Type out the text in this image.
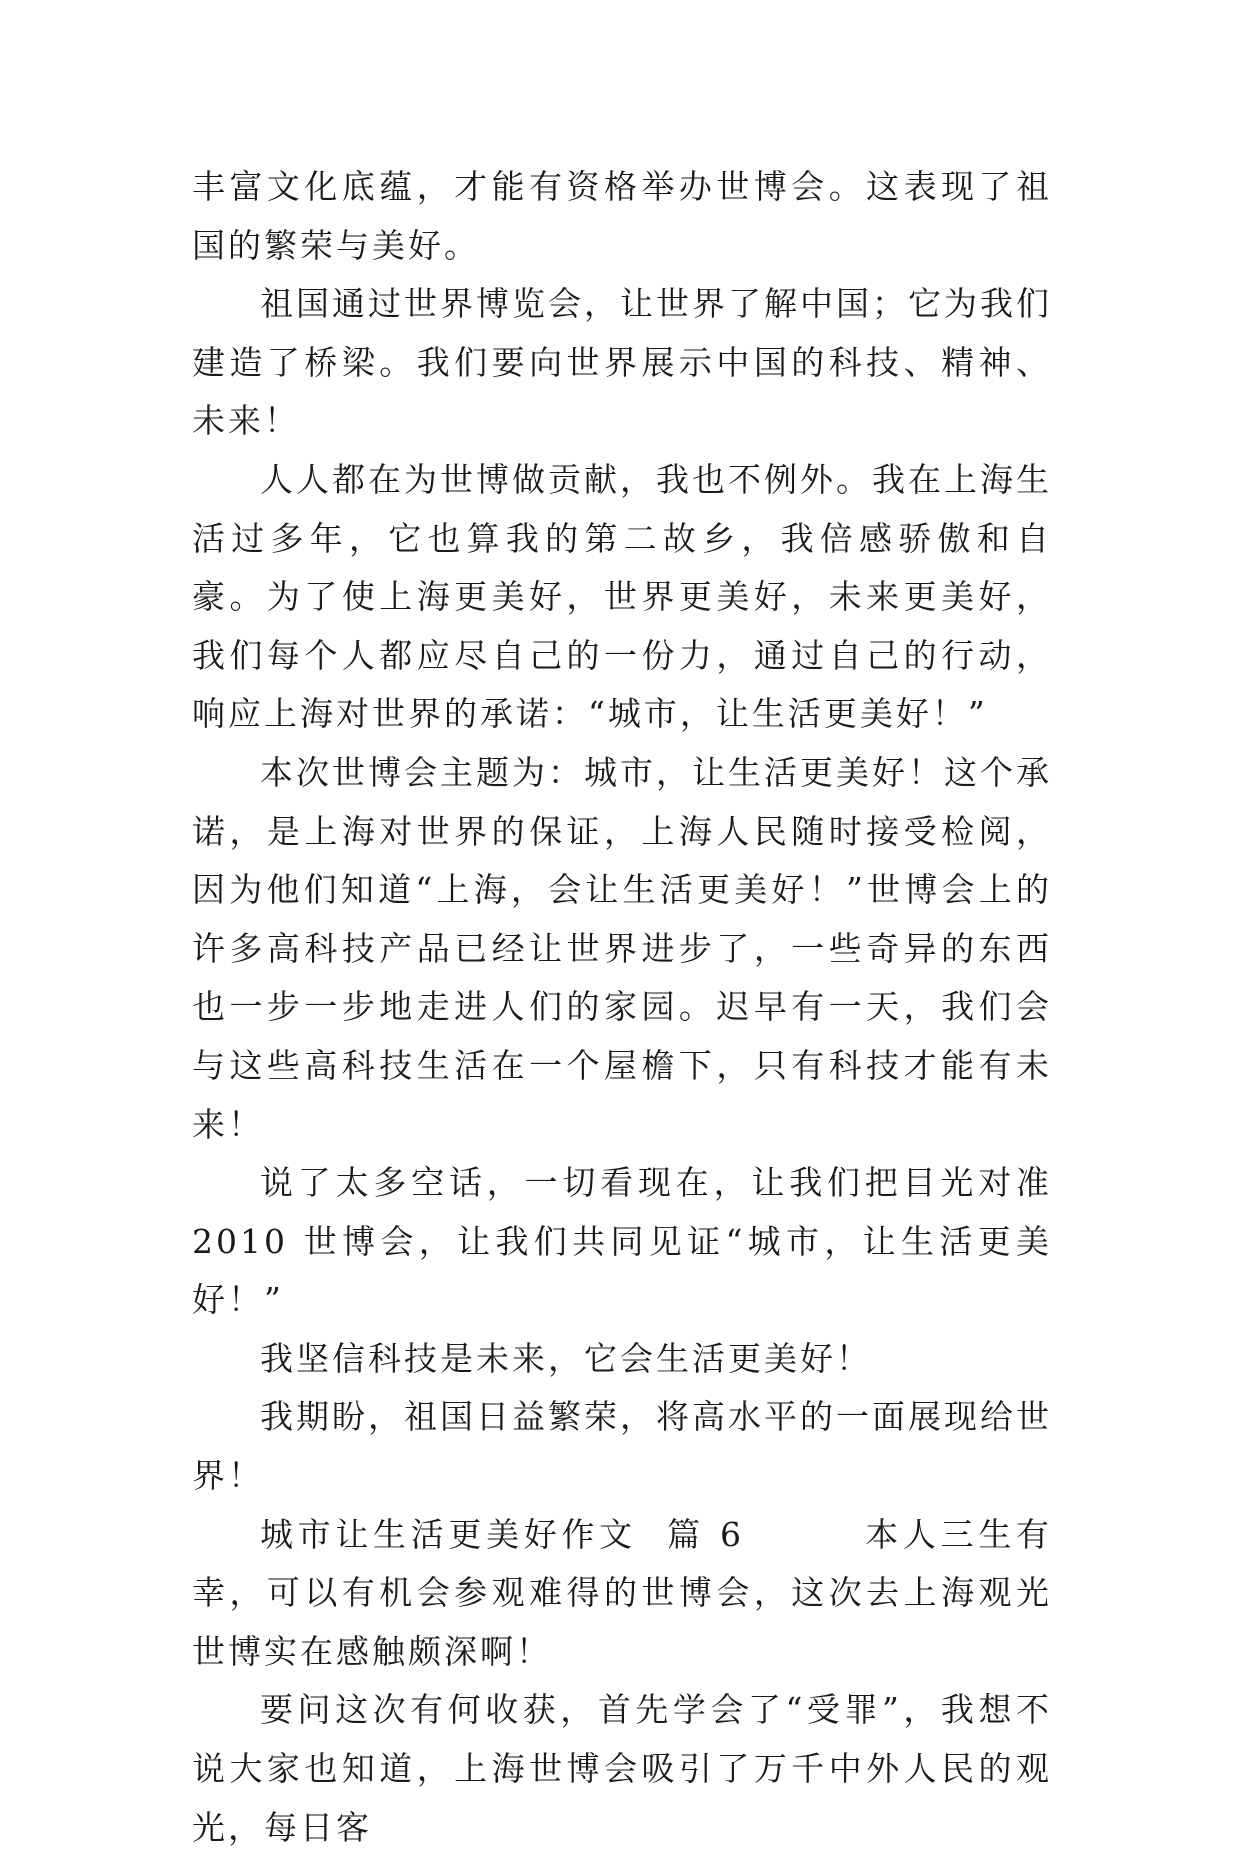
丰富文化底蕴，才能有资格举办世博会。这表现了祖国的繁荣与美好。

祖国通过世界博览会，让世界了解中国；它为我们建造了桥梁。我们要向世界展示中国的科技、精神、未来！

人人都在为世博做贡献，我也不例外。我在上海生活过多年，它也算我的第二故乡，我倍感骄傲和自豪。为了使上海更美好，世界更美好，未来更美好，我们每个人都应尽自己的一份力，通过自己的行动，响应上海对世界的承诺：“城市，让生活更美好！”

本次世博会主题为：城市，让生活更美好！这个承诺，是上海对世界的保证，上海人民随时接受检阅，因为他们知道“上海，会让生活更美好！”世博会上的许多高科技产品已经让世界进步了，一些奇异的东西也一步一步地走进人们的家园。迟早有一天，我们会与这些高科技生活在一个屋檐下，只有科技才能有未来！

说了太多空话，一切看现在，让我们把目光对准 2010 世博会，让我们共同见证“城市，让生活更美好！”

我坚信科技是未来，它会生活更美好！

我期盼，祖国日益繁荣，将高水平的一面展现给世界！

城市让生活更美好作文  篇 6        本人三生有幸，可以有机会参观难得的世博会，这次去上海观光世博实在感触颇深啊！

要问这次有何收获，首先学会了“受罪”，我想不说大家也知道，上海世博会吸引了万千中外人民的观光，每日客
